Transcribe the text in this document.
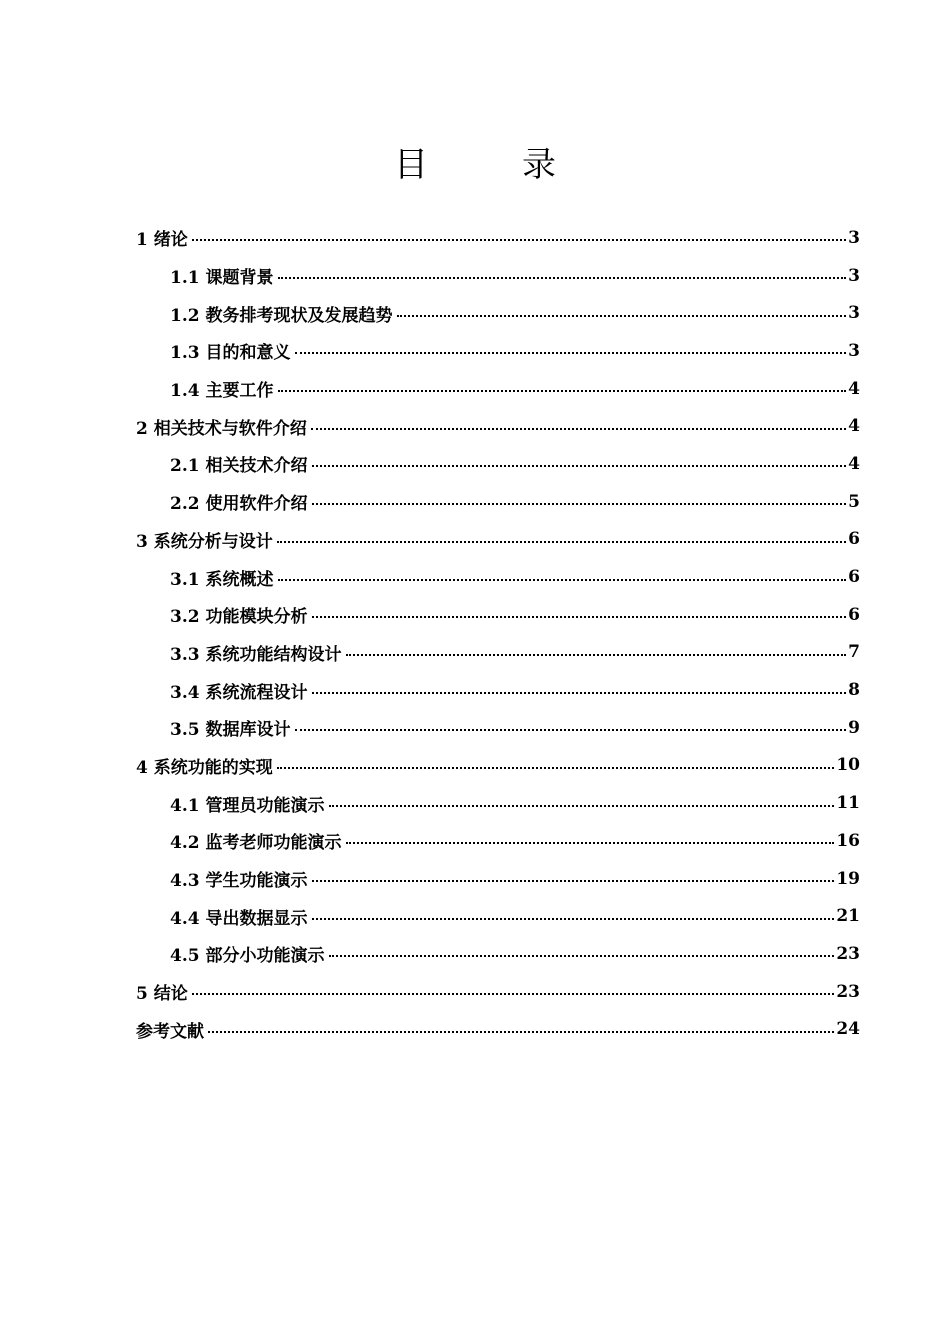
目　录
1 绪论	3
1.1 课题背景	3
1.2 教务排考现状及发展趋势	3
1.3 目的和意义	3
1.4 主要工作	4
2 相关技术与软件介绍	4
2.1 相关技术介绍	4
2.2 使用软件介绍	5
3 系统分析与设计	6
3.1 系统概述	6
3.2 功能模块分析	6
3.3 系统功能结构设计	7
3.4 系统流程设计	8
3.5 数据库设计	9
4 系统功能的实现	10
4.1 管理员功能演示	11
4.2 监考老师功能演示	16
4.3 学生功能演示	19
4.4 导出数据显示	21
4.5 部分小功能演示	23
5 结论	23
参考文献	24
